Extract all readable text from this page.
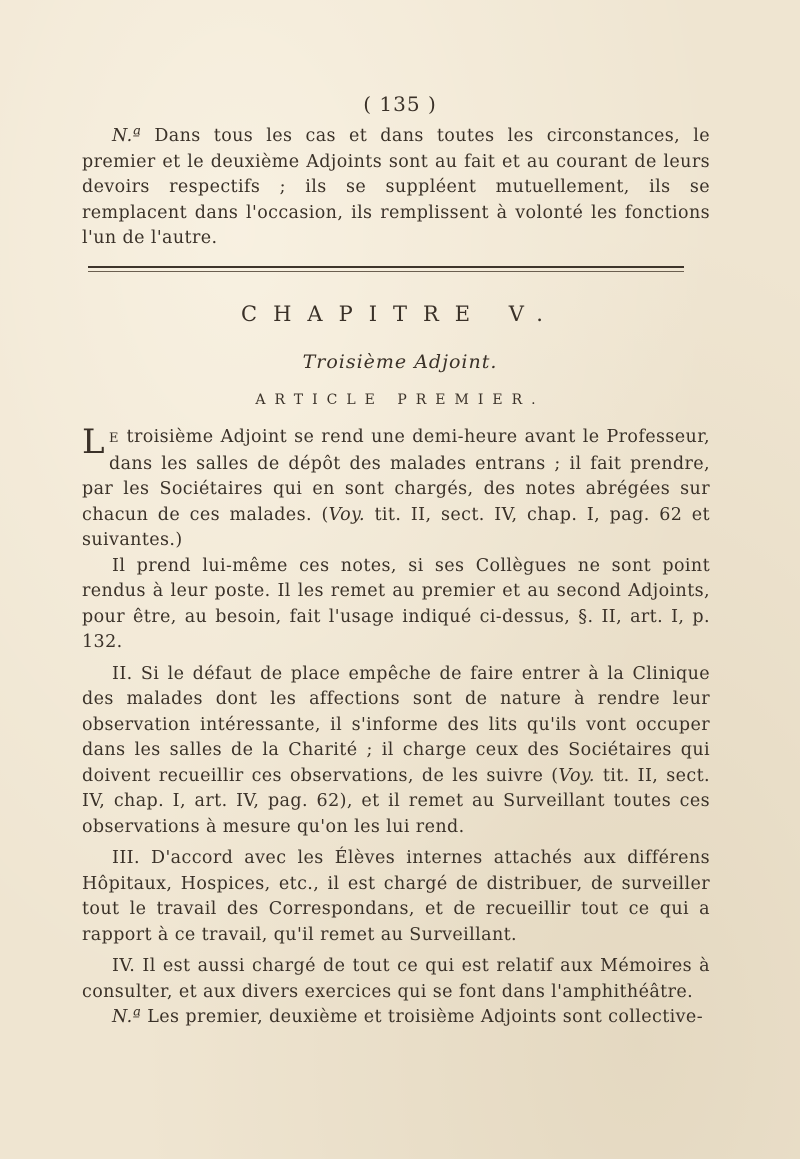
( 135 )

N.ª Dans tous les cas et dans toutes les circonstances, le premier et le deuxième Adjoints sont au fait et au courant de leurs devoirs respectifs ; ils se suppléent mutuellement, ils se remplacent dans l'occasion, ils remplissent à volonté les fonctions l'un de l'autre.

CHAPITRE V.
Troisième Adjoint.
ARTICLE PREMIER.

L E troisième Adjoint se rend une demi-heure avant le Professeur, dans les salles de dépôt des malades entrans ; il fait prendre, par les Sociétaires qui en sont chargés, des notes abrégées sur chacun de ces malades. (Voy. tit. II, sect. IV, chap. I, pag. 62 et suivantes.)

Il prend lui-même ces notes, si ses Collègues ne sont point rendus à leur poste. Il les remet au premier et au second Adjoints, pour être, au besoin, fait l'usage indiqué ci-dessus, §. II, art. I, p. 132.

II. Si le défaut de place empêche de faire entrer à la Clinique des malades dont les affections sont de nature à rendre leur observation intéressante, il s'informe des lits qu'ils vont occuper dans les salles de la Charité ; il charge ceux des Sociétaires qui doivent recueillir ces observations, de les suivre (Voy. tit. II, sect. IV, chap. I, art. IV, pag. 62), et il remet au Surveillant toutes ces observations à mesure qu'on les lui rend.

III. D'accord avec les Élèves internes attachés aux différens Hôpitaux, Hospices, etc., il est chargé de distribuer, de surveiller tout le travail des Correspondans, et de recueillir tout ce qui a rapport à ce travail, qu'il remet au Surveillant.

IV. Il est aussi chargé de tout ce qui est relatif aux Mémoires à consulter, et aux divers exercices qui se font dans l'amphithéâtre.

N.ª Les premier, deuxième et troisième Adjoints sont collective-
